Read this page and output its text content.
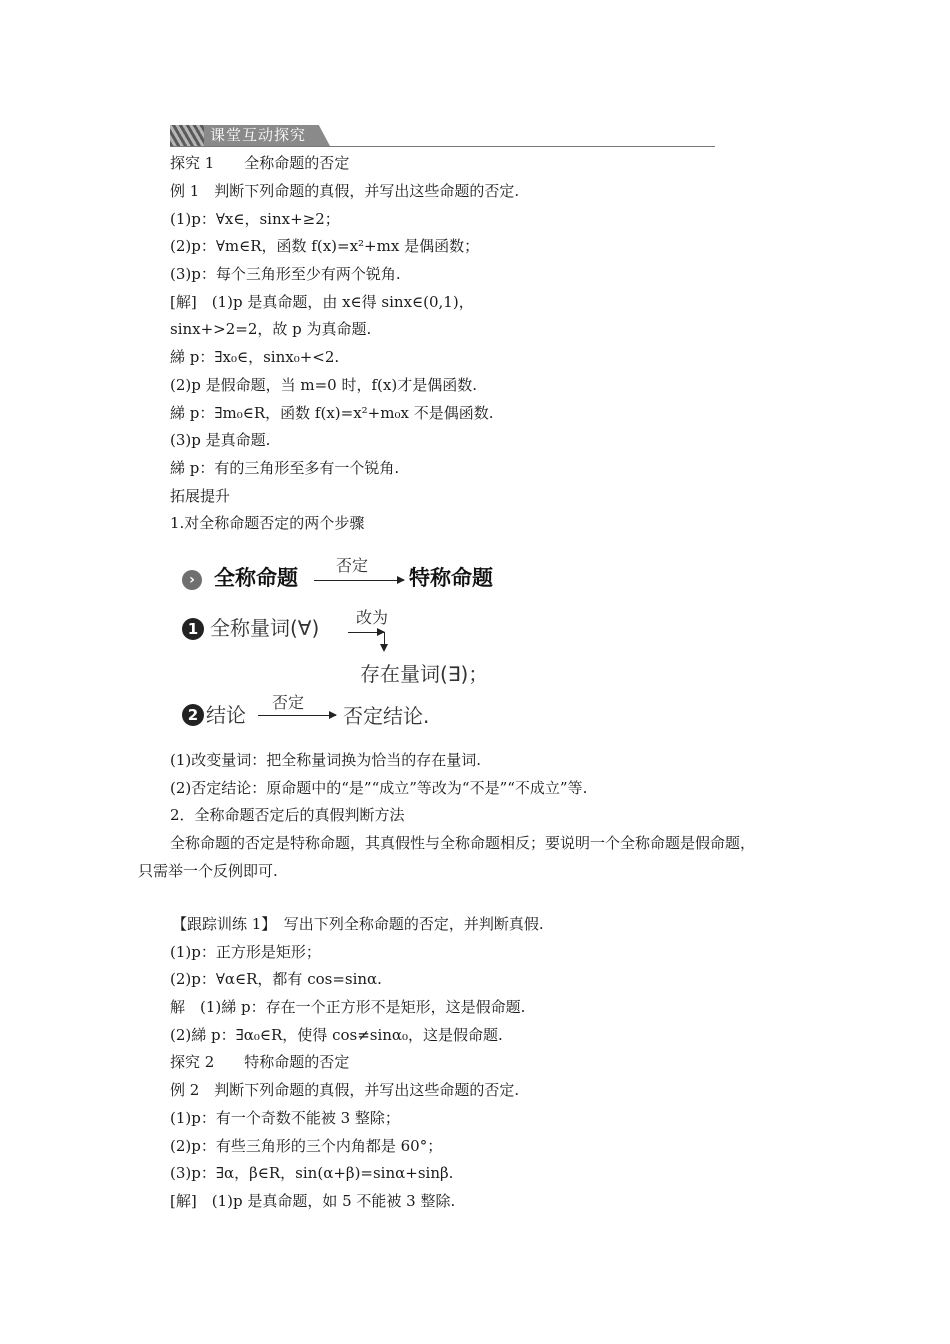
课堂互动探究
探究 1　　全称命题的否定
例 1　判断下列命题的真假，并写出这些命题的否定.
(1)p：∀x∈，sinx+≥2；
(2)p：∀m∈R，函数 f(x)=x²+mx 是偶函数；
(3)p：每个三角形至少有两个锐角.
[解]　(1)p 是真命题，由 x∈得 sinx∈(0,1)，
sinx+>2=2，故 p 为真命题.
綈 p：∃x₀∈，sinx₀+<2.
(2)p 是假命题，当 m=0 时，f(x)才是偶函数.
綈 p：∃m₀∈R，函数 f(x)=x²+m₀x 不是偶函数.
(3)p 是真命题.
綈 p：有的三角形至多有一个锐角.
拓展提升
1.对全称命题否定的两个步骤
› 全称命题
否定
特称命题
1 全称量词(∀) 改为
存在量词(∃)；
2 结论
否定
否定结论.
(1)改变量词：把全称量词换为恰当的存在量词.
(2)否定结论：原命题中的“是”“成立”等改为“不是”“不成立”等.
2．全称命题否定后的真假判断方法
全称命题的否定是特称命题，其真假性与全称命题相反；要说明一个全称命题是假命题，
只需举一个反例即可.
【跟踪训练 1】　写出下列全称命题的否定，并判断真假.
(1)p：正方形是矩形；
(2)p：∀α∈R，都有 cos=sinα.
解　(1)綈 p：存在一个正方形不是矩形，这是假命题.
(2)綈 p：∃α₀∈R，使得 cos≠sinα₀，这是假命题.
探究 2　　特称命题的否定
例 2　判断下列命题的真假，并写出这些命题的否定.
(1)p：有一个奇数不能被 3 整除；
(2)p：有些三角形的三个内角都是 60°；
(3)p：∃α，β∈R，sin(α+β)=sinα+sinβ.
[解]　(1)p 是真命题，如 5 不能被 3 整除.
